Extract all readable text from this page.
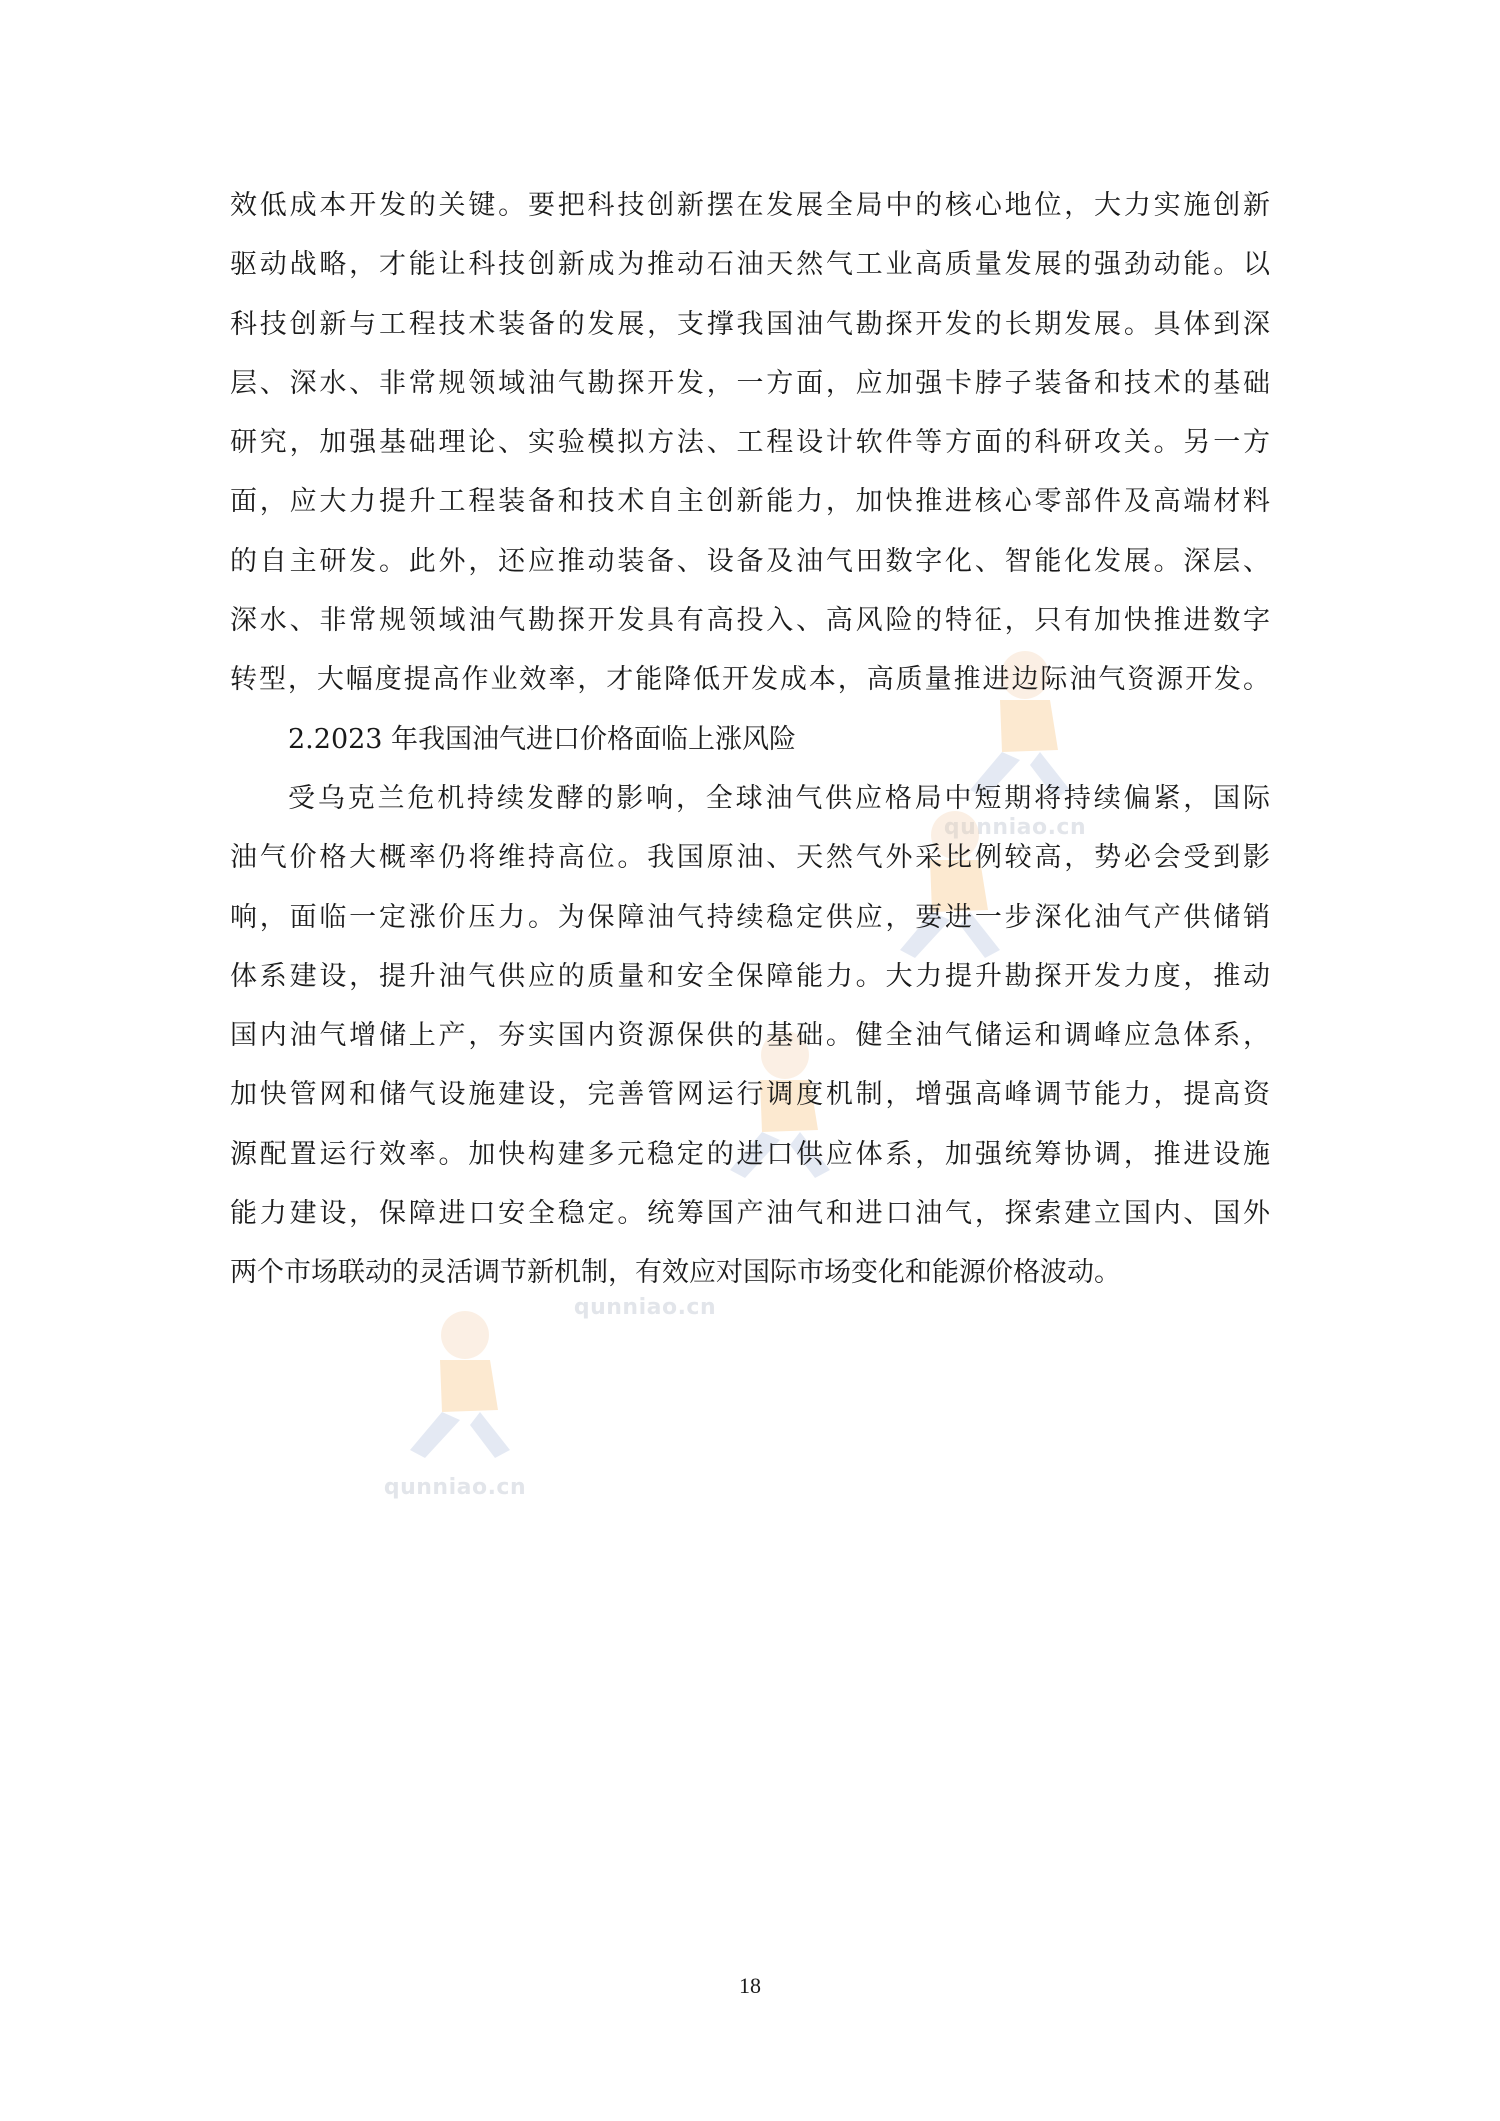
qunniao.cn
qunniao.cn
qunniao.cn
效低成本开发的关键。要把科技创新摆在发展全局中的核心地位，大力实施创新
驱动战略，才能让科技创新成为推动石油天然气工业高质量发展的强劲动能。以
科技创新与工程技术装备的发展，支撑我国油气勘探开发的长期发展。具体到深
层、深水、非常规领域油气勘探开发，一方面，应加强卡脖子装备和技术的基础
研究，加强基础理论、实验模拟方法、工程设计软件等方面的科研攻关。另一方
面，应大力提升工程装备和技术自主创新能力，加快推进核心零部件及高端材料
的自主研发。此外，还应推动装备、设备及油气田数字化、智能化发展。深层、
深水、非常规领域油气勘探开发具有高投入、高风险的特征，只有加快推进数字
转型，大幅度提高作业效率，才能降低开发成本，高质量推进边际油气资源开发。
2.2023 年我国油气进口价格面临上涨风险
受乌克兰危机持续发酵的影响，全球油气供应格局中短期将持续偏紧，国际
油气价格大概率仍将维持高位。我国原油、天然气外采比例较高，势必会受到影
响，面临一定涨价压力。为保障油气持续稳定供应，要进一步深化油气产供储销
体系建设，提升油气供应的质量和安全保障能力。大力提升勘探开发力度，推动
国内油气增储上产，夯实国内资源保供的基础。健全油气储运和调峰应急体系，
加快管网和储气设施建设，完善管网运行调度机制，增强高峰调节能力，提高资
源配置运行效率。加快构建多元稳定的进口供应体系，加强统筹协调，推进设施
能力建设，保障进口安全稳定。统筹国产油气和进口油气，探索建立国内、国外
两个市场联动的灵活调节新机制，有效应对国际市场变化和能源价格波动。
18
